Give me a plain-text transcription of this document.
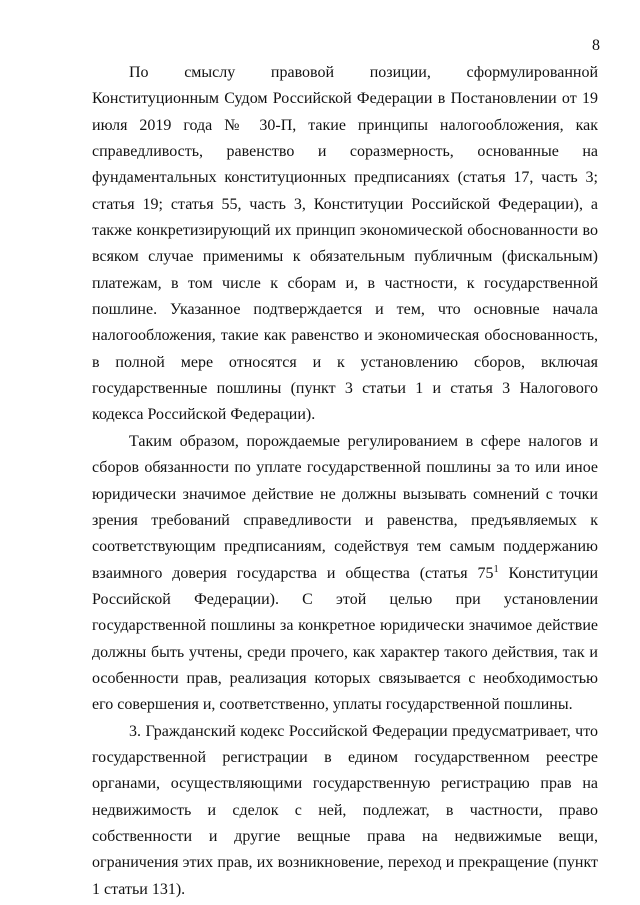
8

По смыслу правовой позиции, сформулированной Конституционным Судом Российской Федерации в Постановлении от 19 июля 2019 года № 30-П, такие принципы налогообложения, как справедливость, равенство и соразмерность, основанные на фундаментальных конституционных предписаниях (статья 17, часть 3; статья 19; статья 55, часть 3, Конституции Российской Федерации), а также конкретизирующий их принцип экономической обоснованности во всяком случае применимы к обязательным публичным (фискальным) платежам, в том числе к сборам и, в частности, к государственной пошлине. Указанное подтверждается и тем, что основные начала налогообложения, такие как равенство и экономическая обоснованность, в полной мере относятся и к установлению сборов, включая государственные пошлины (пункт 3 статьи 1 и статья 3 Налогового кодекса Российской Федерации).

Таким образом, порождаемые регулированием в сфере налогов и сборов обязанности по уплате государственной пошлины за то или иное юридически значимое действие не должны вызывать сомнений с точки зрения требований справедливости и равенства, предъявляемых к соответствующим предписаниям, содействуя тем самым поддержанию взаимного доверия государства и общества (статья $75^1$ Конституции Российской Федерации). С этой целью при установлении государственной пошлины за конкретное юридически значимое действие должны быть учтены, среди прочего, как характер такого действия, так и особенности прав, реализация которых связывается с необходимостью его совершения и, соответственно, уплаты государственной пошлины.

3. Гражданский кодекс Российской Федерации предусматривает, что государственной регистрации в едином государственном реестре органами, осуществляющими государственную регистрацию прав на недвижимость и сделок с ней, подлежат, в частности, право собственности и другие вещные права на недвижимые вещи, ограничения этих прав, их возникновение, переход и прекращение (пункт 1 статьи 131).
